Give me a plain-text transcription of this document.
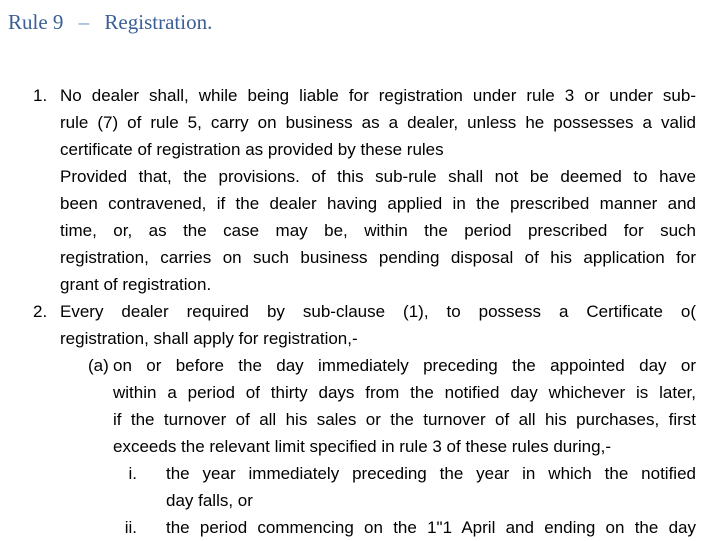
Rule 9 – Registration.
1. No dealer shall, while being liable for registration under rule 3 or under sub-
rule (7) of rule 5, carry on business as a dealer, unless he possesses a valid
certificate of registration as provided by these rules
Provided that, the provisions. of this sub-rule shall not be deemed to have
been contravened, if the dealer having applied in the prescribed manner and
time, or, as the case may be, within the period prescribed for such
registration, carries on such business pending disposal of his application for
grant of registration.
2. Every dealer required by sub-clause (1), to possess a Certificate o(
registration, shall apply for registration,-
(a) on or before the day immediately preceding the appointed day or
within a period of thirty days from the notified day whichever is later,
if the turnover of all his sales or the turnover of all his purchases, first
exceeds the relevant limit specified in rule 3 of these rules during,-
i. the year immediately preceding the year in which the notified
day falls, or
ii. the period commencing on the 1"1 April and ending on the day
